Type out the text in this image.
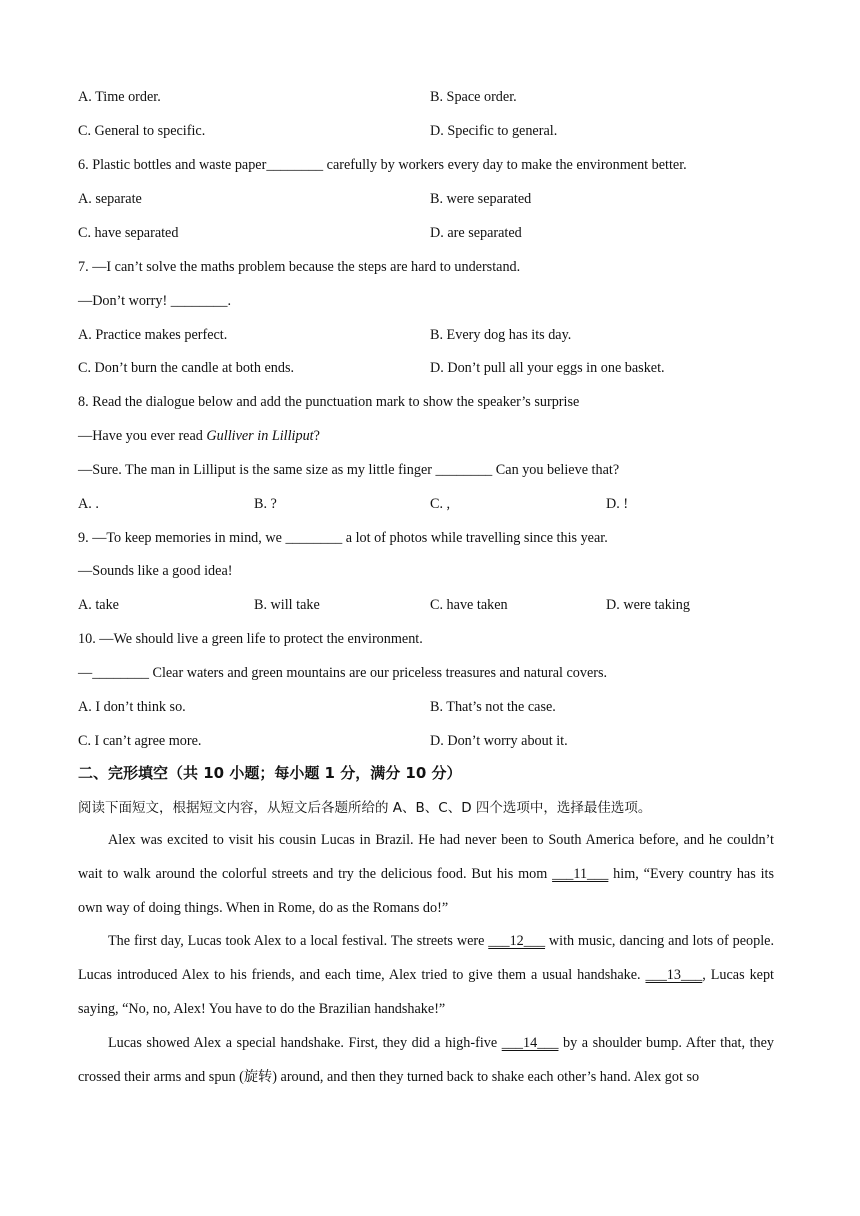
A. Time order.	B. Space order.
C. General to specific.	D. Specific to general.
6. Plastic bottles and waste paper________ carefully by workers every day to make the environment better.
A. separate	B. were separated
C. have separated	D. are separated
7. —I can’t solve the maths problem because the steps are hard to understand.
—Don’t worry! ________.
A. Practice makes perfect.	B. Every dog has its day.
C. Don’t burn the candle at both ends.	D. Don’t pull all your eggs in one basket.
8. Read the dialogue below and add the punctuation mark to show the speaker’s surprise
—Have you ever read Gulliver in Lilliput?
—Sure. The man in Lilliput is the same size as my little finger ________ Can you believe that?
A. .	B. ?	C. ,	D. !
9. —To keep memories in mind, we ________ a lot of photos while travelling since this year.
—Sounds like a good idea!
A. take	B. will take	C. have taken	D. were taking
10. —We should live a green life to protect the environment.
—________ Clear waters and green mountains are our priceless treasures and natural covers.
A. I don’t think so.	B. That’s not the case.
C. I can’t agree more.	D. Don’t worry about it.
二、完形填空（共 10 小题；每小题 1 分，满分 10 分）
阅读下面短文，根据短文内容，从短文后各题所给的 A、B、C、D 四个选项中，选择最佳选项。
Alex was excited to visit his cousin Lucas in Brazil. He had never been to South America before, and he couldn’t wait to walk around the colorful streets and try the delicious food. But his mom ___11___ him, “Every country has its own way of doing things. When in Rome, do as the Romans do!”
The first day, Lucas took Alex to a local festival. The streets were ___12___ with music, dancing and lots of people. Lucas introduced Alex to his friends, and each time, Alex tried to give them a usual handshake. ___13___, Lucas kept saying, “No, no, Alex! You have to do the Brazilian handshake!”
Lucas showed Alex a special handshake. First, they did a high-five ___14___ by a shoulder bump. After that, they crossed their arms and spun (旋转) around, and then they turned back to shake each other’s hand. Alex got so
